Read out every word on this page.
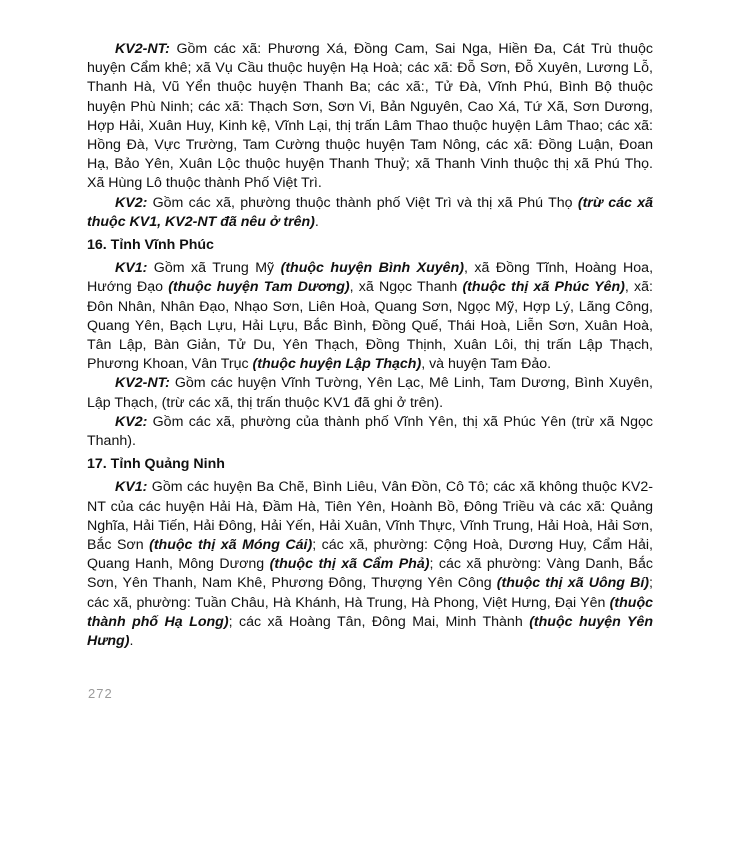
KV2-NT: Gồm các xã: Phương Xá, Đồng Cam, Sai Nga, Hiền Đa, Cát Trù thuộc huyện Cẩm khê; xã Vụ Cầu thuộc huyện Hạ Hoà; các xã: Đỗ Sơn, Đỗ Xuyên, Lương Lỗ, Thanh Hà, Vũ Yển thuộc huyện Thanh Ba; các xã:, Tử Đà, Vĩnh Phú, Bình Bộ thuộc huyện Phù Ninh; các xã: Thạch Sơn, Sơn Vi, Bản Nguyên, Cao Xá, Tứ Xã, Sơn Dương, Hợp Hải, Xuân Huy, Kinh kệ, Vĩnh Lại, thị trấn Lâm Thao thuộc huyện Lâm Thao; các xã: Hồng Đà, Vực Trường, Tam Cường thuộc huyện Tam Nông, các xã: Đồng Luận, Đoan Hạ, Bảo Yên, Xuân Lộc thuộc huyện Thanh Thuỷ; xã Thanh Vinh thuộc thị xã Phú Thọ. Xã Hùng Lô thuộc thành Phố Việt Trì.

KV2: Gồm các xã, phường thuộc thành phố Việt Trì và thị xã Phú Thọ (trừ các xã thuộc KV1, KV2-NT đã nêu ở trên).

16. Tỉnh Vĩnh Phúc

KV1: Gồm xã Trung Mỹ (thuộc huyện Bình Xuyên), xã Đồng Tĩnh, Hoàng Hoa, Hướng Đạo (thuộc huyện Tam Dương), xã Ngọc Thanh (thuộc thị xã Phúc Yên), xã: Đôn Nhân, Nhân Đạo, Nhạo Sơn, Liên Hoà, Quang Sơn, Ngọc Mỹ, Hợp Lý, Lãng Công, Quang Yên, Bạch Lựu, Hải Lựu, Bắc Bình, Đồng Quế, Thái Hoà, Liễn Sơn, Xuân Hoà, Tân Lập, Bàn Giản, Tử Du, Yên Thạch, Đồng Thịnh, Xuân Lôi, thị trấn Lập Thạch, Phương Khoan, Vân Trục (thuộc huyện Lập Thạch), và huyện Tam Đảo.

KV2-NT: Gồm các huyện Vĩnh Tường, Yên Lạc, Mê Linh, Tam Dương, Bình Xuyên, Lập Thạch, (trừ các xã, thị trấn thuộc KV1 đã ghi ở trên).

KV2: Gồm các xã, phường của thành phố Vĩnh Yên, thị xã Phúc Yên (trừ xã Ngọc Thanh).

17. Tỉnh Quảng Ninh

KV1: Gồm các huyện Ba Chẽ, Bình Liêu, Vân Đồn, Cô Tô; các xã không thuộc KV2-NT của các huyện Hải Hà, Đầm Hà, Tiên Yên, Hoành Bồ, Đông Triều và các xã: Quảng Nghĩa, Hải Tiến, Hải Đông, Hải Yến, Hải Xuân, Vĩnh Thực, Vĩnh Trung, Hải Hoà, Hải Sơn, Bắc Sơn (thuộc thị xã Móng Cái); các xã, phường: Cộng Hoà, Dương Huy, Cẩm Hải, Quang Hanh, Mông Dương (thuộc thị xã Cẩm Phả); các xã phường: Vàng Danh, Bắc Sơn, Yên Thanh, Nam Khê, Phương Đông, Thượng Yên Công (thuộc thị xã Uông Bí); các xã, phường: Tuần Châu, Hà Khánh, Hà Trung, Hà Phong, Việt Hưng, Đại Yên (thuộc thành phố Hạ Long); các xã Hoàng Tân, Đông Mai, Minh Thành (thuộc huyện Yên Hưng).

272
